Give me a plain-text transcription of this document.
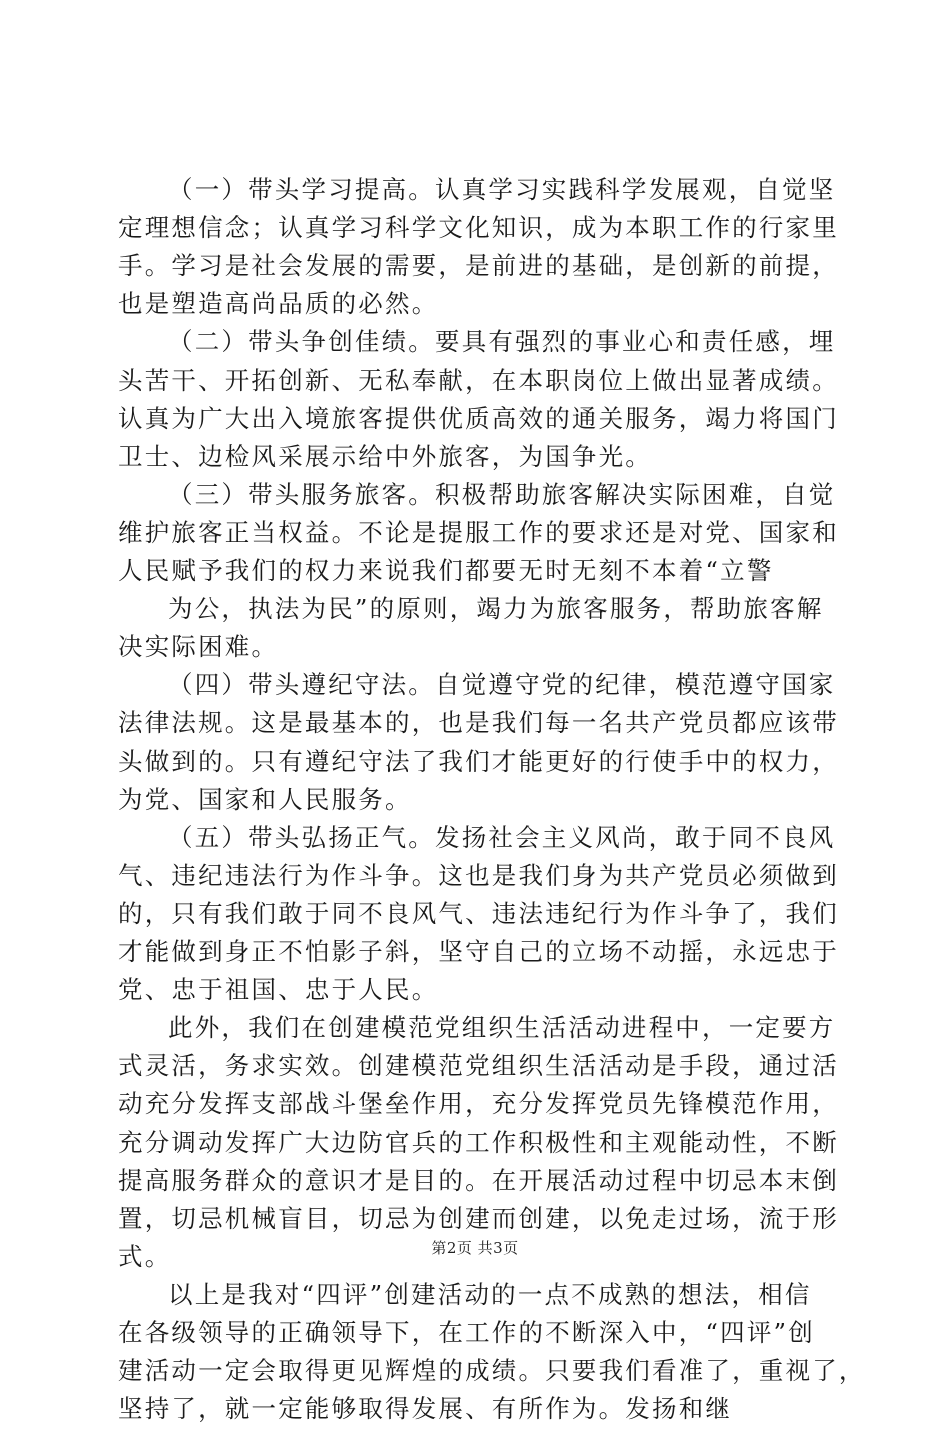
（一）带头学习提高。认真学习实践科学发展观，自觉坚
定理想信念；认真学习科学文化知识，成为本职工作的行家里
手。学习是社会发展的需要，是前进的基础，是创新的前提，
也是塑造高尚品质的必然。
（二）带头争创佳绩。要具有强烈的事业心和责任感，埋
头苦干、开拓创新、无私奉献，在本职岗位上做出显著成绩。
认真为广大出入境旅客提供优质高效的通关服务，竭力将国门
卫士、边检风采展示给中外旅客，为国争光。
（三）带头服务旅客。积极帮助旅客解决实际困难，自觉
维护旅客正当权益。不论是提服工作的要求还是对党、国家和
人民赋予我们的权力来说我们都要无时无刻不本着“立警
为公，执法为民”的原则，竭力为旅客服务，帮助旅客解
决实际困难。
（四）带头遵纪守法。自觉遵守党的纪律，模范遵守国家
法律法规。这是最基本的，也是我们每一名共产党员都应该带
头做到的。只有遵纪守法了我们才能更好的行使手中的权力，
为党、国家和人民服务。
（五）带头弘扬正气。发扬社会主义风尚，敢于同不良风
气、违纪违法行为作斗争。这也是我们身为共产党员必须做到
的，只有我们敢于同不良风气、违法违纪行为作斗争了，我们
才能做到身正不怕影子斜，坚守自己的立场不动摇，永远忠于
党、忠于祖国、忠于人民。
此外，我们在创建模范党组织生活活动进程中，一定要方
式灵活，务求实效。创建模范党组织生活活动是手段，通过活
动充分发挥支部战斗堡垒作用，充分发挥党员先锋模范作用，
充分调动发挥广大边防官兵的工作积极性和主观能动性，不断
提高服务群众的意识才是目的。在开展活动过程中切忌本末倒
置，切忌机械盲目，切忌为创建而创建，以免走过场，流于形
式。
以上是我对“四评”创建活动的一点不成熟的想法，相信
在各级领导的正确领导下，在工作的不断深入中，“四评”创
建活动一定会取得更见辉煌的成绩。只要我们看准了，重视了，
坚持了，就一定能够取得发展、有所作为。发扬和继
第2页 共3页
